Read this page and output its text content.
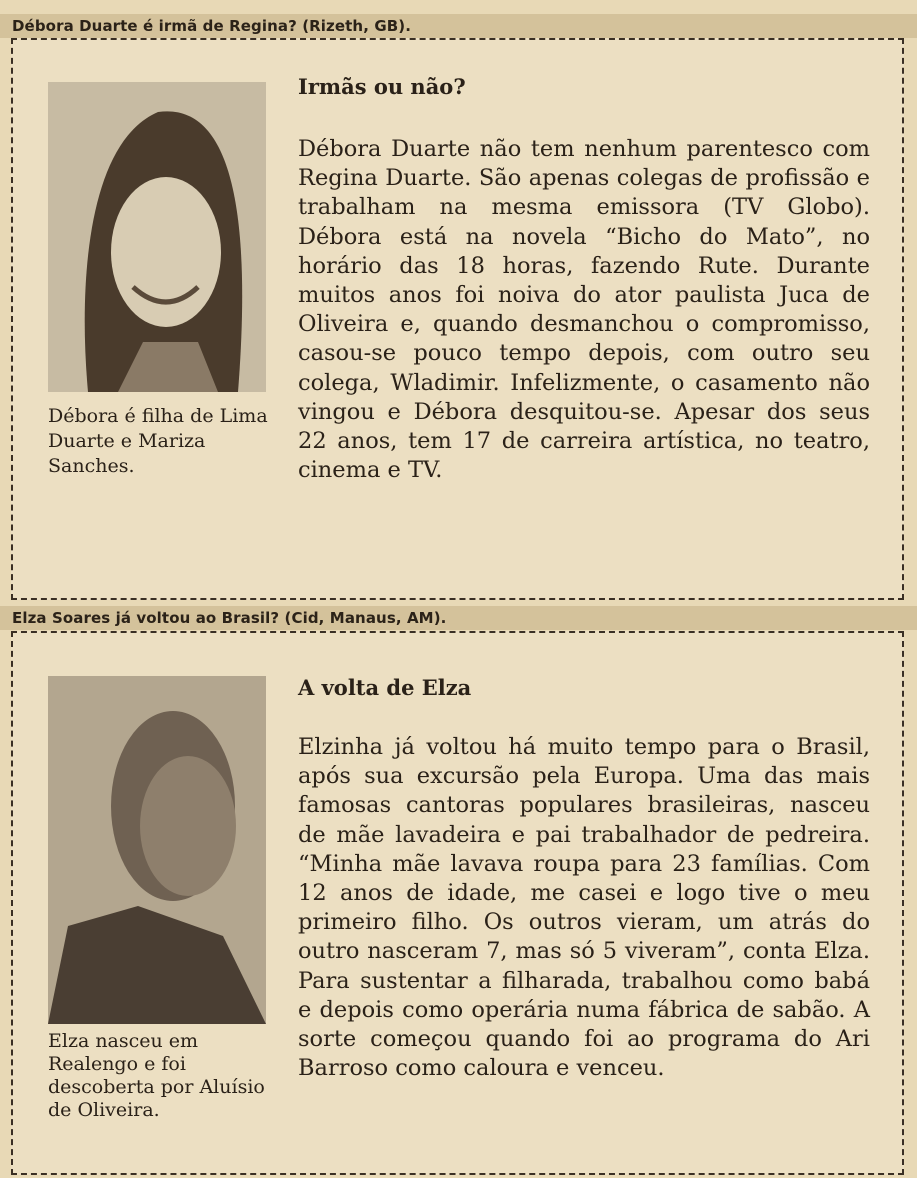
Débora Duarte é irmã de Regina? (Rizeth, GB).
Débora é filha de Lima Duarte e Mariza Sanches.
Irmãs ou não?
Débora Duarte não tem nenhum parentesco com Regina Duarte. São apenas colegas de profissão e trabalham na mesma emissora (TV Globo). Débora está na novela “Bicho do Mato”, no horário das 18 horas, fazendo Rute. Durante muitos anos foi noiva do ator paulista Juca de Oliveira e, quando desmanchou o compromisso, casou-se pouco tempo depois, com outro seu colega, Wladimir. Infelizmente, o casamento não vingou e Débora desquitou-se. Apesar dos seus 22 anos, tem 17 de carreira artística, no teatro, cinema e TV.
Elza Soares já voltou ao Brasil? (Cid, Manaus, AM).
Elza nasceu em Realengo e foi descoberta por Aluísio de Oliveira.
A volta de Elza
Elzinha já voltou há muito tempo para o Brasil, após sua excursão pela Europa. Uma das mais famosas cantoras populares brasileiras, nasceu de mãe lavadeira e pai trabalhador de pedreira. “Minha mãe lavava roupa para 23 famílias. Com 12 anos de idade, me casei e logo tive o meu primeiro filho. Os outros vieram, um atrás do outro nasceram 7, mas só 5 viveram”, conta Elza. Para sustentar a filharada, trabalhou como babá e depois como operária numa fábrica de sabão. A sorte começou quando foi ao programa do Ari Barroso como caloura e venceu.
